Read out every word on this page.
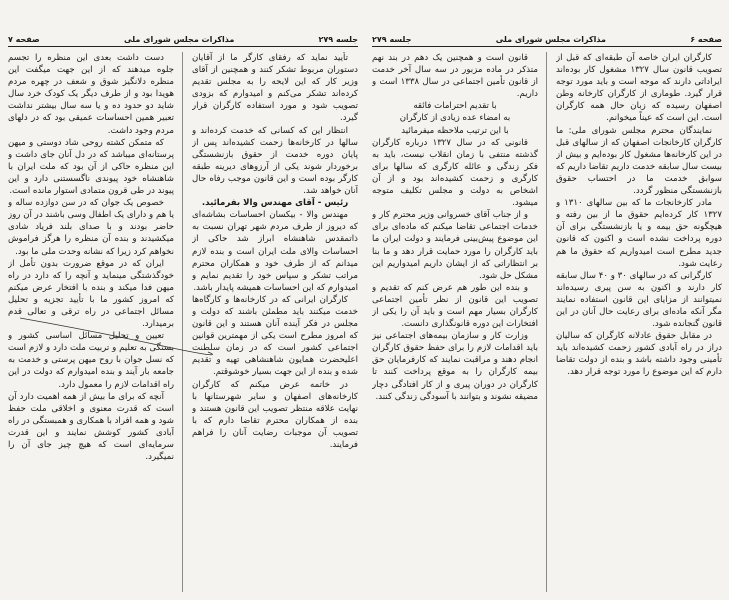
جلسه ۲۷۹
مذاکرات مجلس شورای ملی
صفحه ۷

تأیید نماید که رفقای کارگر ما از آقایان دستوران مربوط تشکر کنند و همچنین از آقای وزیر کار که این لایحه را به مجلس تقدیم کرده‌اند تشکر می‌کنم و امیدوارم که بزودی تصویب شود و مورد استفاده کارگران قرار گیرد.

انتظار این که کسانی که خدمت کرده‌اند و سالها در کارخانه‌ها زحمت کشیده‌اند پس از پایان دوره خدمت از حقوق بازنشستگی برخوردار شوند یکی از آرزوهای دیرینه طبقه کارگر بوده است و این قانون موجب رفاه حال آنان خواهد شد.

رئیس - آقای مهندس والا بفرمائید.

مهندس والا - بیکسان احساسات بشاشه‌ای که دیروز از طرف مردم شهر تهران نسبت به ذاتمقدس شاهنشاه ابراز شد حاکی از احساسات والای ملت ایران است و بنده لازم میدانم که از طرف خود و همکاران محترم مراتب تشکر و سپاس خود را تقدیم نمایم و امیدوارم که این احساسات همیشه پایدار باشد.

کارگران ایرانی که در کارخانه‌ها و کارگاه‌ها خدمت میکنند باید مطمئن باشند که دولت و مجلس در فکر آینده آنان هستند و این قانون که امروز مطرح است یکی از مهمترین قوانین اجتماعی کشور است که در زمان سلطنت اعلیحضرت همایون شاهنشاهی تهیه و تقدیم شده و بنده از این جهت بسیار خوشوقتم.

در خاتمه عرض میکنم که کارگران کارخانه‌های اصفهان و سایر شهرستانها با نهایت علاقه منتظر تصویب این قانون هستند و بنده از همکاران محترم تقاضا دارم که با تصویب آن موجبات رضایت آنان را فراهم فرمایند.

دست داشت بعدی این منظره را تجسم جلوه میدهند که از این جهت میگفت این منظره دلانگیز شوق و شعف در چهره مردم هویدا بود و از طرف دیگر یک کودک خرد سال شاید دو حدود ده و یا سه سال بیشتر نداشت تعبیر همین احساسات عمیقی بود که در دلهای مردم وجود داشت.

که متمکن کشته روحی شاد دوستی و میهن پرستانه‌ای میباشد که در دل آنان جای داشت و این منظره حاکی از آن بود که ملت ایران با شاهنشاه خود پیوندی ناگسستنی دارد و این پیوند در طی قرون متمادی استوار مانده است.

خصوص یک جوان که در سن دوازده ساله و یا هم و دارای یک اطفال وسی باشند در آن روز حاضر بودند و با صدای بلند فریاد شادی میکشیدند و بنده آن منظره را هرگز فراموش نخواهم کرد زیرا که نشانه وحدت ملی ما بود.

ایران که در موقع ضرورت بدون تأمل از خودگذشتگی مینماید و آنچه را که دارد در راه میهن فدا میکند و بنده با افتخار عرض میکنم که امروز کشور ما با تأیید تجزیه و تحلیل مسائل اجتماعی در راه ترقی و تعالی قدم برمیدارد.

تعیین و تحلیل مسائل اساسی کشور و بستگی به تعلیم و تربیت ملت دارد و لازم است که نسل جوان با روح میهن پرستی و خدمت به جامعه بار آیند و بنده امیدوارم که دولت در این راه اقدامات لازم را معمول دارد.

آنچه که برای ما بیش از همه اهمیت دارد آن است که قدرت معنوی و اخلاقی ملت حفظ شود و همه افراد با همکاری و همبستگی در راه آبادی کشور کوشش نمایند و این قدرت سرمایه‌ای است که هیچ چیز جای آن را نمیگیرد.

صفحه ۶
مذاکرات مجلس شورای ملی
جلسه ۲۷۹

کارگران ایران خاصه آن طبقه‌ای که قبل از تصویب قانون سال ۱۳۲۷ مشغول کار بوده‌اند ایراداتی دارند که موجه است و باید مورد توجه قرار گیرد. طوماری از کارگران کارخانه وطن اصفهان رسیده که زبان حال همه کارگران است. این است که عیناً میخوانم.

نمایندگان محترم مجلس شورای ملی: ما کارگران کارخانجات اصفهان که از سالهای قبل در این کارخانه‌ها مشغول کار بوده‌ایم و بیش از بیست سال سابقه خدمت داریم تقاضا داریم که سوابق خدمت ما در احتساب حقوق بازنشستگی منظور گردد.

مادر کارخانجات ما که بین سالهای ۱۳۱۰ و ۱۳۲۷ کار کرده‌ایم حقوق ما از بین رفته و هیچگونه حق بیمه و یا بازنشستگی برای آن دوره پرداخت نشده است و اکنون که قانون جدید مطرح است امیدواریم که حقوق ما هم رعایت شود.

کارگرانی که در سالهای ۳۰ و ۴۰ سال سابقه کار دارند و اکنون به سن پیری رسیده‌اند نمیتوانند از مزایای این قانون استفاده نمایند مگر آنکه ماده‌ای برای رعایت حال آنان در این قانون گنجانده شود.

در مقابل حقوق عادلانه کارگران که سالیان دراز در راه آبادی کشور زحمت کشیده‌اند باید تأمینی وجود داشته باشد و بنده از دولت تقاضا دارم که این موضوع را مورد توجه قرار دهد.

قانون است و همچنین یک دهم در بند نهم متذکر در ماده مزبور در سه سال آخر خدمت از قانون تأمین اجتماعی در سال ۱۳۳۸ است و داریم.

با تقدیم احترامات فائقه

به امضاء عده زیادی از کارگران

با این ترتیب ملاحظه میفرمائید

قانونی که در سال ۱۳۲۷ درباره کارگران گذشته منتفی با زمان انقلاب نیست، باید به فکر زندگی و عائله کارگری که سالها برای کارگری و زحمت کشیده‌اند بود و از آن اشخاص به دولت و مجلس تکلیف متوجه میشود.

و از جناب آقای خسروانی وزیر محترم کار و خدمات اجتماعی تقاضا میکنم که ماده‌ای برای این موضوع پیش‌بینی فرمایند و دولت ایران ما باید کارگران را مورد حمایت قرار دهد و ما بنا بر انتظاراتی که از ایشان داریم امیدواریم این مشکل حل شود.

و بنده این طور هم عرض کنم که تقدیم و تصویب این قانون از نظر تأمین اجتماعی کارگران بسیار مهم است و باید آن را یکی از افتخارات این دوره قانونگذاری دانست.

وزارت کار و سازمان بیمه‌های اجتماعی نیز باید اقدامات لازم را برای حفظ حقوق کارگران انجام دهند و مراقبت نمایند که کارفرمایان حق بیمه کارگران را به موقع پرداخت کنند تا کارگران در دوران پیری و از کار افتادگی دچار مضیقه نشوند و بتوانند با آسودگی زندگی کنند.
